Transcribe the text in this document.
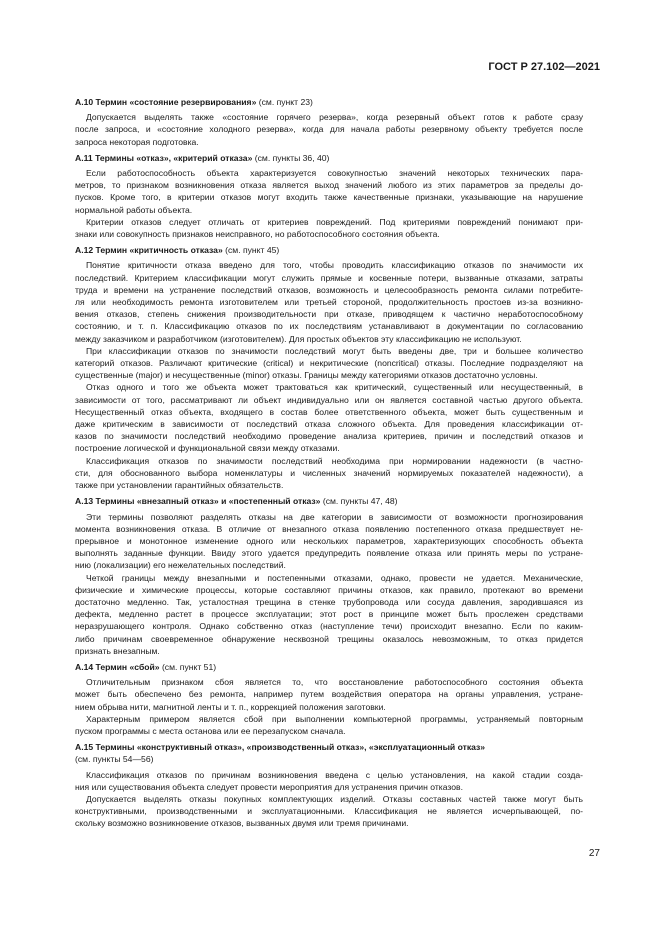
ГОСТ Р 27.102—2021
А.10 Термин «состояние резервирования» (см. пункт 23)

Допускается выделять также «состояние горячего резерва», когда резервный объект готов к работе сразу

после запроса, и «состояние холодного резерва», когда для начала работы резервному объекту требуется после

запроса некоторая подготовка.

А.11 Термины «отказ», «критерий отказа» (см. пункты 36, 40)

Если работоспособность объекта характеризуется совокупностью значений некоторых технических пара-

метров, то признаком возникновения отказа является выход значений любого из этих параметров за пределы до-

пусков. Кроме того, в критерии отказов могут входить также качественные признаки, указывающие на нарушение

нормальной работы объекта.

Критерии отказов следует отличать от критериев повреждений. Под критериями повреждений понимают при-

знаки или совокупность признаков неисправного, но работоспособного состояния объекта.

А.12 Термин «критичность отказа» (см. пункт 45)

Понятие критичности отказа введено для того, чтобы проводить классификацию отказов по значимости их

последствий. Критерием классификации могут служить прямые и косвенные потери, вызванные отказами, затраты

труда и времени на устранение последствий отказов, возможность и целесообразность ремонта силами потребите-

ля или необходимость ремонта изготовителем или третьей стороной, продолжительность простоев из-за возникно-

вения отказов, степень снижения производительности при отказе, приводящем к частично неработоспособному

состоянию, и т. п. Классификацию отказов по их последствиям устанавливают в документации по согласованию

между заказчиком и разработчиком (изготовителем). Для простых объектов эту классификацию не используют.

При классификации отказов по значимости последствий могут быть введены две, три и большее количество

категорий отказов. Различают критические (critical) и некритические (noncritical) отказы. Последние подразделяют на

существенные (major) и несущественные (minor) отказы. Границы между категориями отказов достаточно условны.

Отказ одного и того же объекта может трактоваться как критический, существенный или несущественный, в

зависимости от того, рассматривают ли объект индивидуально или он является составной частью другого объекта.

Несущественный отказ объекта, входящего в состав более ответственного объекта, может быть существенным и

даже критическим в зависимости от последствий отказа сложного объекта. Для проведения классификации от-

казов по значимости последствий необходимо проведение анализа критериев, причин и последствий отказов и

построение логической и функциональной связи между отказами.

Классификация отказов по значимости последствий необходима при нормировании надежности (в частно-

сти, для обоснованного выбора номенклатуры и численных значений нормируемых показателей надежности), а

также при установлении гарантийных обязательств.

А.13 Термины «внезапный отказ» и «постепенный отказ» (см. пункты 47, 48)

Эти термины позволяют разделять отказы на две категории в зависимости от возможности прогнозирования

момента возникновения отказа. В отличие от внезапного отказа появлению постепенного отказа предшествует не-

прерывное и монотонное изменение одного или нескольких параметров, характеризующих способность объекта

выполнять заданные функции. Ввиду этого удается предупредить появление отказа или принять меры по устране-

нию (локализации) его нежелательных последствий.

Четкой границы между внезапными и постепенными отказами, однако, провести не удается. Механические,

физические и химические процессы, которые составляют причины отказов, как правило, протекают во времени

достаточно медленно. Так, усталостная трещина в стенке трубопровода или сосуда давления, зародившаяся из

дефекта, медленно растет в процессе эксплуатации; этот рост в принципе может быть прослежен средствами

неразрушающего контроля. Однако собственно отказ (наступление течи) происходит внезапно. Если по каким-

либо причинам своевременное обнаружение несквозной трещины оказалось невозможным, то отказ придется

признать внезапным.

А.14 Термин «сбой» (см. пункт 51)

Отличительным признаком сбоя является то, что восстановление работоспособного состояния объекта

может быть обеспечено без ремонта, например путем воздействия оператора на органы управления, устране-

нием обрыва нити, магнитной ленты и т. п., коррекцией положения заготовки.

Характерным примером является сбой при выполнении компьютерной программы, устраняемый повторным

пуском программы с места останова или ее перезапуском сначала.

А.15 Термины «конструктивный отказ», «производственный отказ», «эксплуатационный отказ»
(см. пункты 54—56)

Классификация отказов по причинам возникновения введена с целью установления, на какой стадии созда-

ния или существования объекта следует провести мероприятия для устранения причин отказов.

Допускается выделять отказы покупных комплектующих изделий. Отказы составных частей также могут быть

конструктивными, производственными и эксплуатационными. Классификация не является исчерпывающей, по-

скольку возможно возникновение отказов, вызванных двумя или тремя причинами.

27
